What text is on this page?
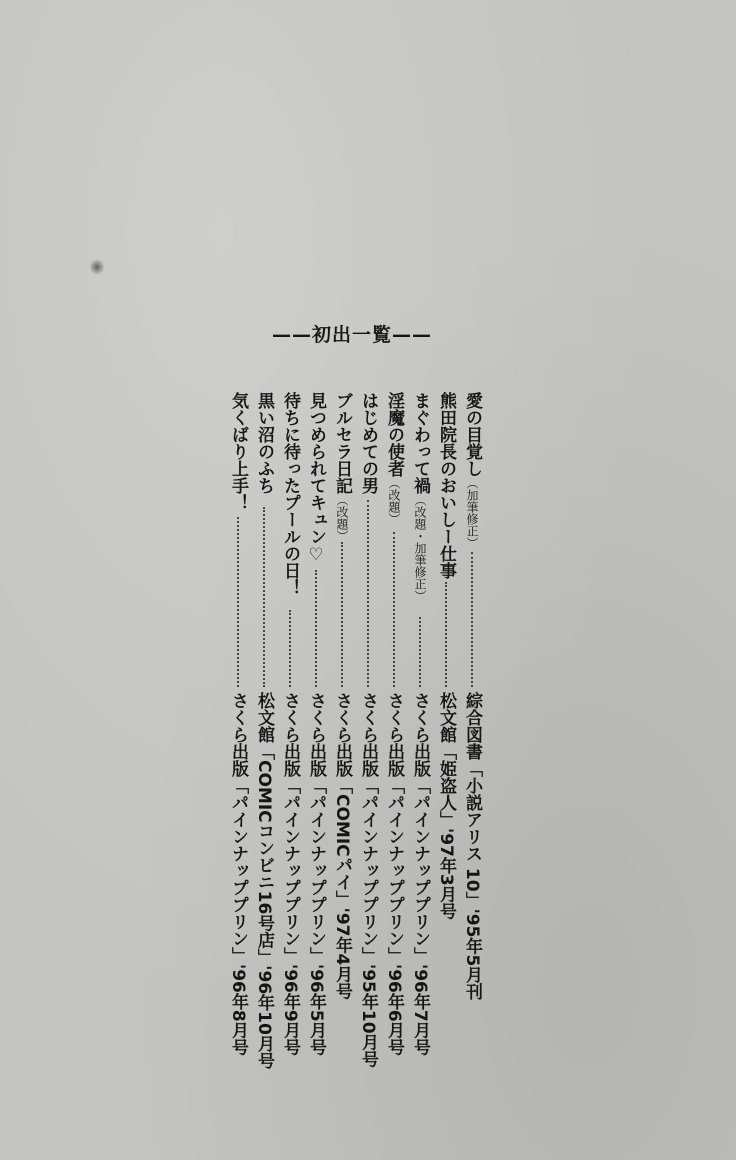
——初出一覧——
愛の目覚し（加筆修正）
綜合図書「小説アリス 10」'95年5月刊
熊田院長のおいしー仕事
松文館「姫盗人」'97年3月号
まぐわって禍（改題・加筆修正）
さくら出版「パインナッププリン」'96年7月号
淫魔の使者（改題）
さくら出版「パインナッププリン」'96年6月号
はじめての男
さくら出版「パインナッププリン」'95年10月号
ブルセラ日記（改題）
さくら出版「COMICパイ」'97年4月号
見つめられてキュン♡
さくら出版「パインナッププリン」'96年5月号
待ちに待ったプールの日！
さくら出版「パインナッププリン」'96年9月号
黒い沼のふち
松文館「COMICコンビニ16号店」'96年10月号
気くばり上手！
さくら出版「パインナッププリン」'96年8月号
